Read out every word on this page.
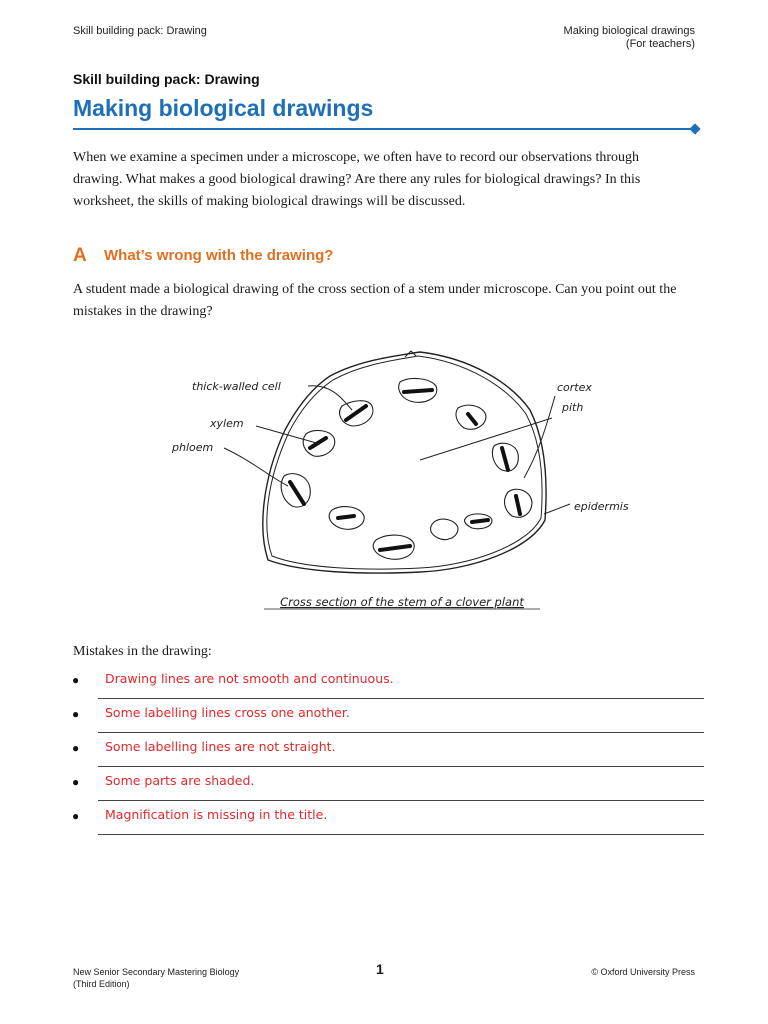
Skill building pack: Drawing	Making biological drawings
(For teachers)
Skill building pack: Drawing
Making biological drawings
When we examine a specimen under a microscope, we often have to record our observations through drawing. What makes a good biological drawing? Are there any rules for biological drawings? In this worksheet, the skills of making biological drawings will be discussed.
A What’s wrong with the drawing?
A student made a biological drawing of the cross section of a stem under microscope. Can you point out the mistakes in the drawing?
thick-walled cell
xylem
phloem
cortex
pith
epidermis
Cross section of the stem of a clover plant
Mistakes in the drawing:
● Drawing lines are not smooth and continuous.
● Some labelling lines cross one another.
● Some labelling lines are not straight.
● Some parts are shaded.
● Magnification is missing in the title.
New Senior Secondary Mastering Biology
(Third Edition)
1	© Oxford University Press
